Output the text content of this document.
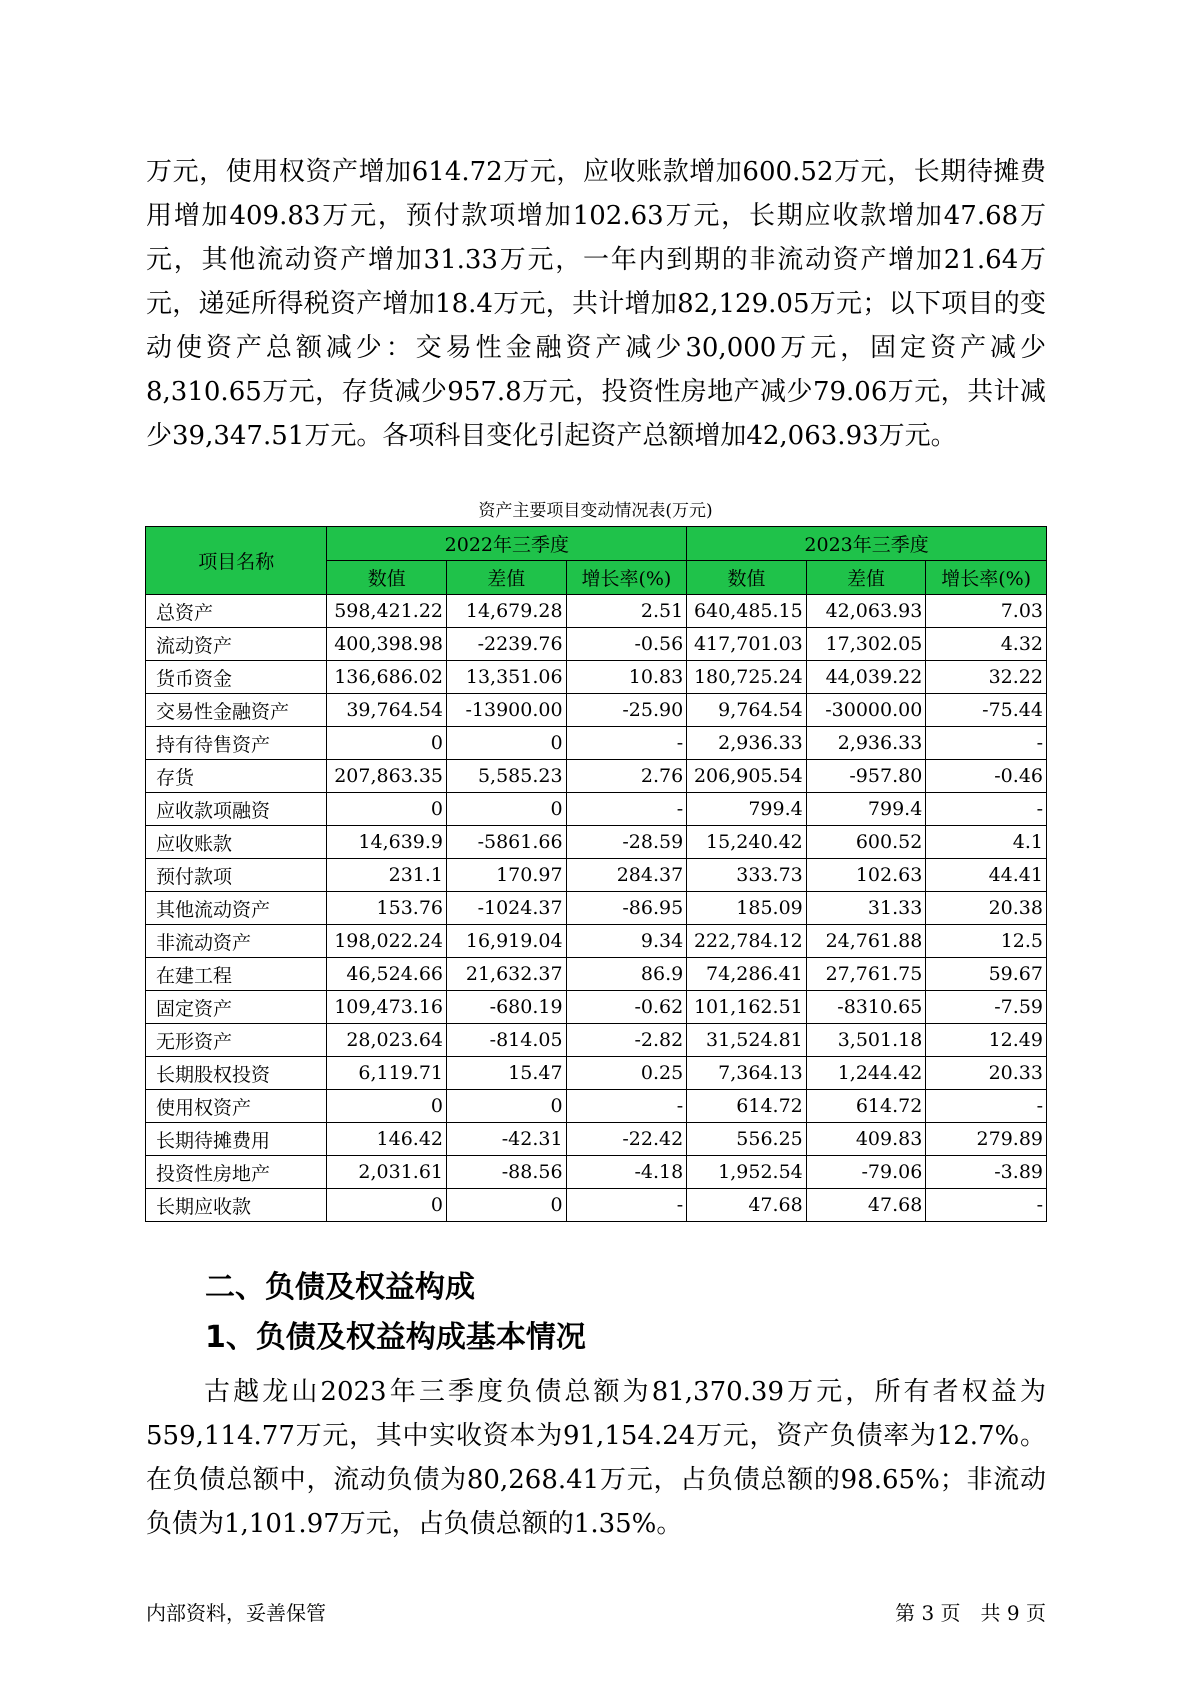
万元，使用权资产增加614.72万元，应收账款增加600.52万元，长期待摊费用增加409.83万元，预付款项增加102.63万元，长期应收款增加47.68万元，其他流动资产增加31.33万元，一年内到期的非流动资产增加21.64万元，递延所得税资产增加18.4万元，共计增加82,129.05万元；以下项目的变动使资产总额减少：交易性金融资产减少30,000万元，固定资产减少8,310.65万元，存货减少957.8万元，投资性房地产减少79.06万元，共计减少39,347.51万元。各项科目变化引起资产总额增加42,063.93万元。

资产主要项目变动情况表(万元)

项目名称	2022年三季度			2023年三季度		
	数值	差值	增长率(%)	数值	差值	增长率(%)
总资产	598,421.22	14,679.28	2.51	640,485.15	42,063.93	7.03
流动资产	400,398.98	-2239.76	-0.56	417,701.03	17,302.05	4.32
货币资金	136,686.02	13,351.06	10.83	180,725.24	44,039.22	32.22
交易性金融资产	39,764.54	-13900.00	-25.90	9,764.54	-30000.00	-75.44
持有待售资产	0	0	-	2,936.33	2,936.33	-
存货	207,863.35	5,585.23	2.76	206,905.54	-957.80	-0.46
应收款项融资	0	0	-	799.4	799.4	-
应收账款	14,639.9	-5861.66	-28.59	15,240.42	600.52	4.1
预付款项	231.1	170.97	284.37	333.73	102.63	44.41
其他流动资产	153.76	-1024.37	-86.95	185.09	31.33	20.38
非流动资产	198,022.24	16,919.04	9.34	222,784.12	24,761.88	12.5
在建工程	46,524.66	21,632.37	86.9	74,286.41	27,761.75	59.67
固定资产	109,473.16	-680.19	-0.62	101,162.51	-8310.65	-7.59
无形资产	28,023.64	-814.05	-2.82	31,524.81	3,501.18	12.49
长期股权投资	6,119.71	15.47	0.25	7,364.13	1,244.42	20.33
使用权资产	0	0	-	614.72	614.72	-
长期待摊费用	146.42	-42.31	-22.42	556.25	409.83	279.89
投资性房地产	2,031.61	-88.56	-4.18	1,952.54	-79.06	-3.89
长期应收款	0	0	-	47.68	47.68	-
二、负债及权益构成
1、负债及权益构成基本情况

古越龙山2023年三季度负债总额为81,370.39万元，所有者权益为559,114.77万元，其中实收资本为91,154.24万元，资产负债率为12.7%。在负债总额中，流动负债为80,268.41万元，占负债总额的98.65%；非流动负债为1,101.97万元，占负债总额的1.35%。

内部资料，妥善保管	第 3 页　共 9 页
